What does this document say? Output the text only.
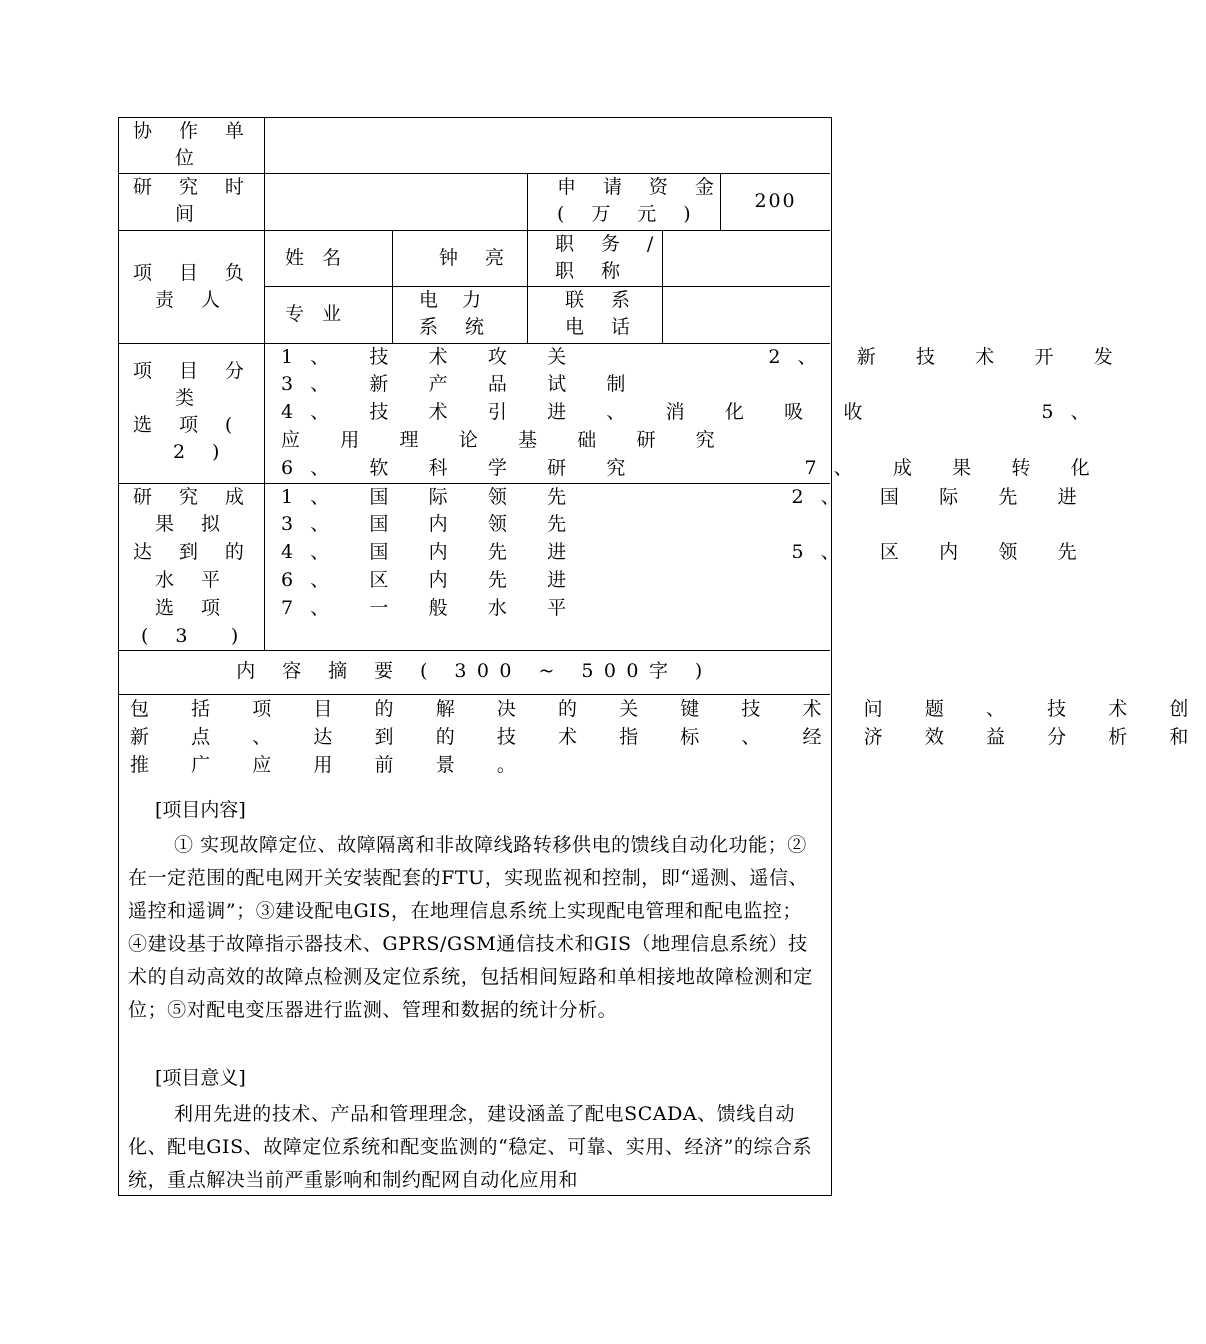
协 作 单
位
研 究 时
间
申 请 资 金
( 万 元 )
200
项 目 负
责 人
姓   名	钟 亮
职 务 /
职 称
专   业
电    力
系 统
联 系
电 话
项 目 分
类
选 项 (
2 )
1、 技 术 攻 关        2、 新 技 术 开 发
3、 新 产 品 试 制
4、 技 术 引 进 、 消 化 吸 收       5、
应 用 理 论 基 础 研 究
6、 软 科 学 研 究       7、 成 果 转 化
研 究 成
果 拟
达 到 的
水 平
选 项
( 3  )
1、 国 际 领 先         2、 国 际 先 进
3、 国 内 领 先
4、 国 内 先 进         5、 区 内 领 先
6、 区 内 先 进
7、 一 般 水 平
内 容 摘 要 ( 300 ~ 500字 )
包 括 项 目 的 解 决 的 关 键 技 术 问 题 、 技 术 创
新 点 、 达 到 的 技 术 指 标 、 经 济 效 益 分 析 和
推 广 应 用 前 景 。
[项目内容]
① 实现故障定位、故障隔离和非故障线路转移供电的馈线自动化功能；②在一定范围的配电网开关安装配套的FTU，实现监视和控制，即“遥测、遥信、遥控和遥调”；③建设配电GIS，在地理信息系统上实现配电管理和配电监控；④建设基于故障指示器技术、GPRS/GSM通信技术和GIS（地理信息系统）技术的自动高效的故障点检测及定位系统，包括相间短路和单相接地故障检测和定位；⑤对配电变压器进行监测、管理和数据的统计分析。
[项目意义]
利用先进的技术、产品和管理理念，建设涵盖了配电SCADA、馈线自动化、配电GIS、故障定位系统和配变监测的“稳定、可靠、实用、经济”的综合系统，重点解决当前严重影响和制约配网自动化应用和
